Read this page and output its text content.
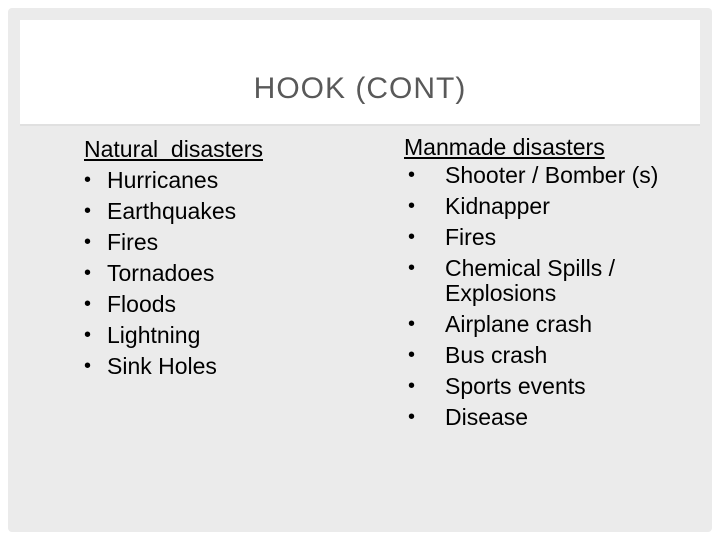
HOOK (CONT)
Natural  disasters
• Hurricanes
• Earthquakes
• Fires
• Tornadoes
• Floods
• Lightning
• Sink Holes
Manmade disasters
• Shooter / Bomber (s)
• Kidnapper
• Fires
• Chemical Spills / Explosions
• Airplane crash
• Bus crash
• Sports events
• Disease
